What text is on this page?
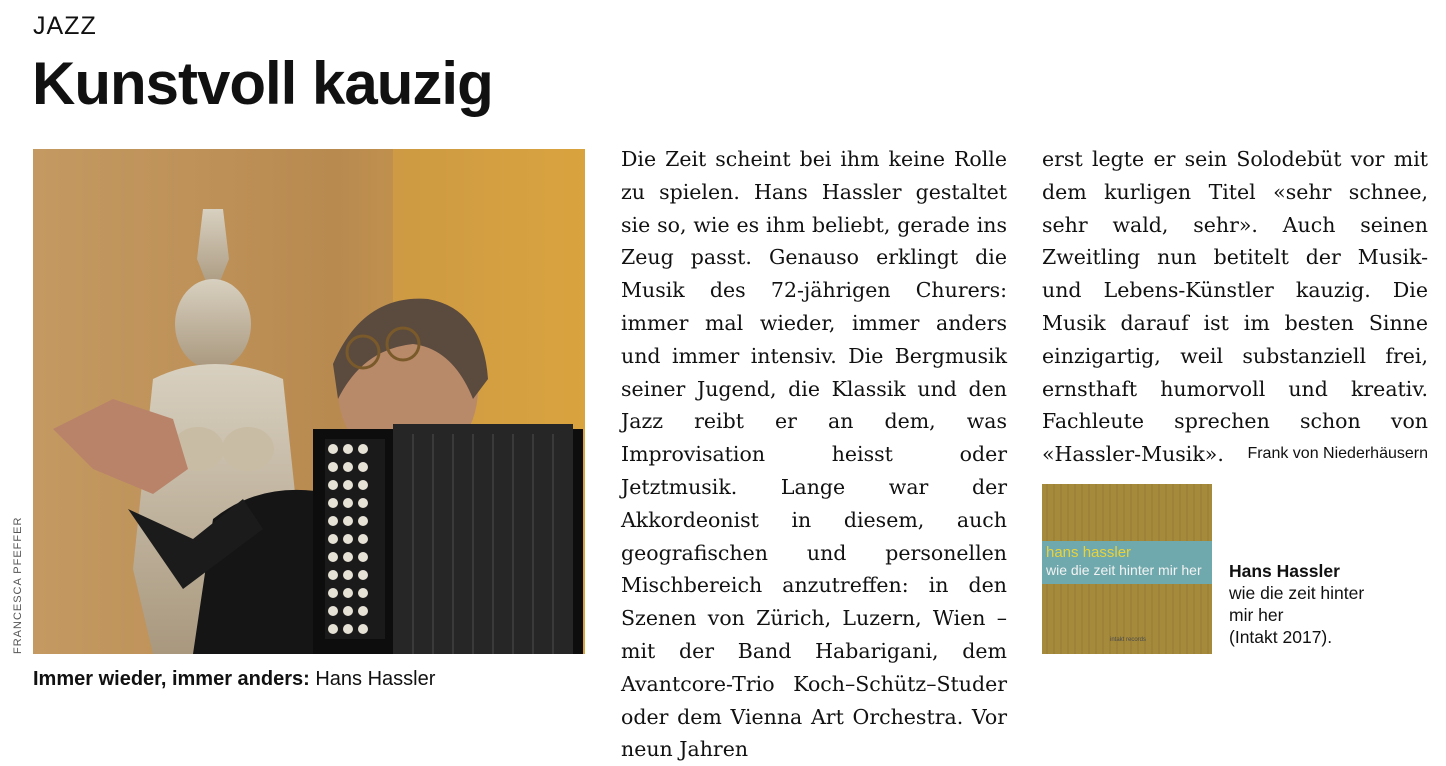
JAZZ
Kunstvoll kauzig
FRANCESCA PFEFFER
Immer wieder, immer anders: Hans Hassler
Die Zeit scheint bei ihm keine Rolle zu spielen. Hans Hassler gestaltet sie so, wie es ihm beliebt, gerade ins Zeug passt. Genauso erklingt die Musik des 72-jährigen Churers: immer mal wieder, immer anders und immer intensiv. Die Bergmusik seiner Jugend, die Klassik und den Jazz reibt er an dem, was Improvisation heisst oder Jetztmusik. Lange war der Akkordeonist in diesem, auch geografischen und personellen Mischbereich anzutreffen: in den Szenen von Zürich, Luzern, Wien – mit der Band Habarigani, dem Avantcore-Trio Koch–Schütz–Studer oder dem Vienna Art Orchestra. Vor neun Jahren
erst legte er sein Solodebüt vor mit dem kurligen Titel «sehr schnee, sehr wald, sehr». Auch seinen Zweitling nun betitelt der Musik- und Lebens-Künstler kauzig. Die Musik darauf ist im besten Sinne einzigartig, weil substanziell frei, ernsthaft humorvoll und kreativ. Fachleute sprechen schon von «Hassler-Musik». Frank von Niederhäusern
hans hassler
wie die zeit hinter mir her
intakt records
Hans Hassler
wie die zeit hinter
mir her
(Intakt 2017).
